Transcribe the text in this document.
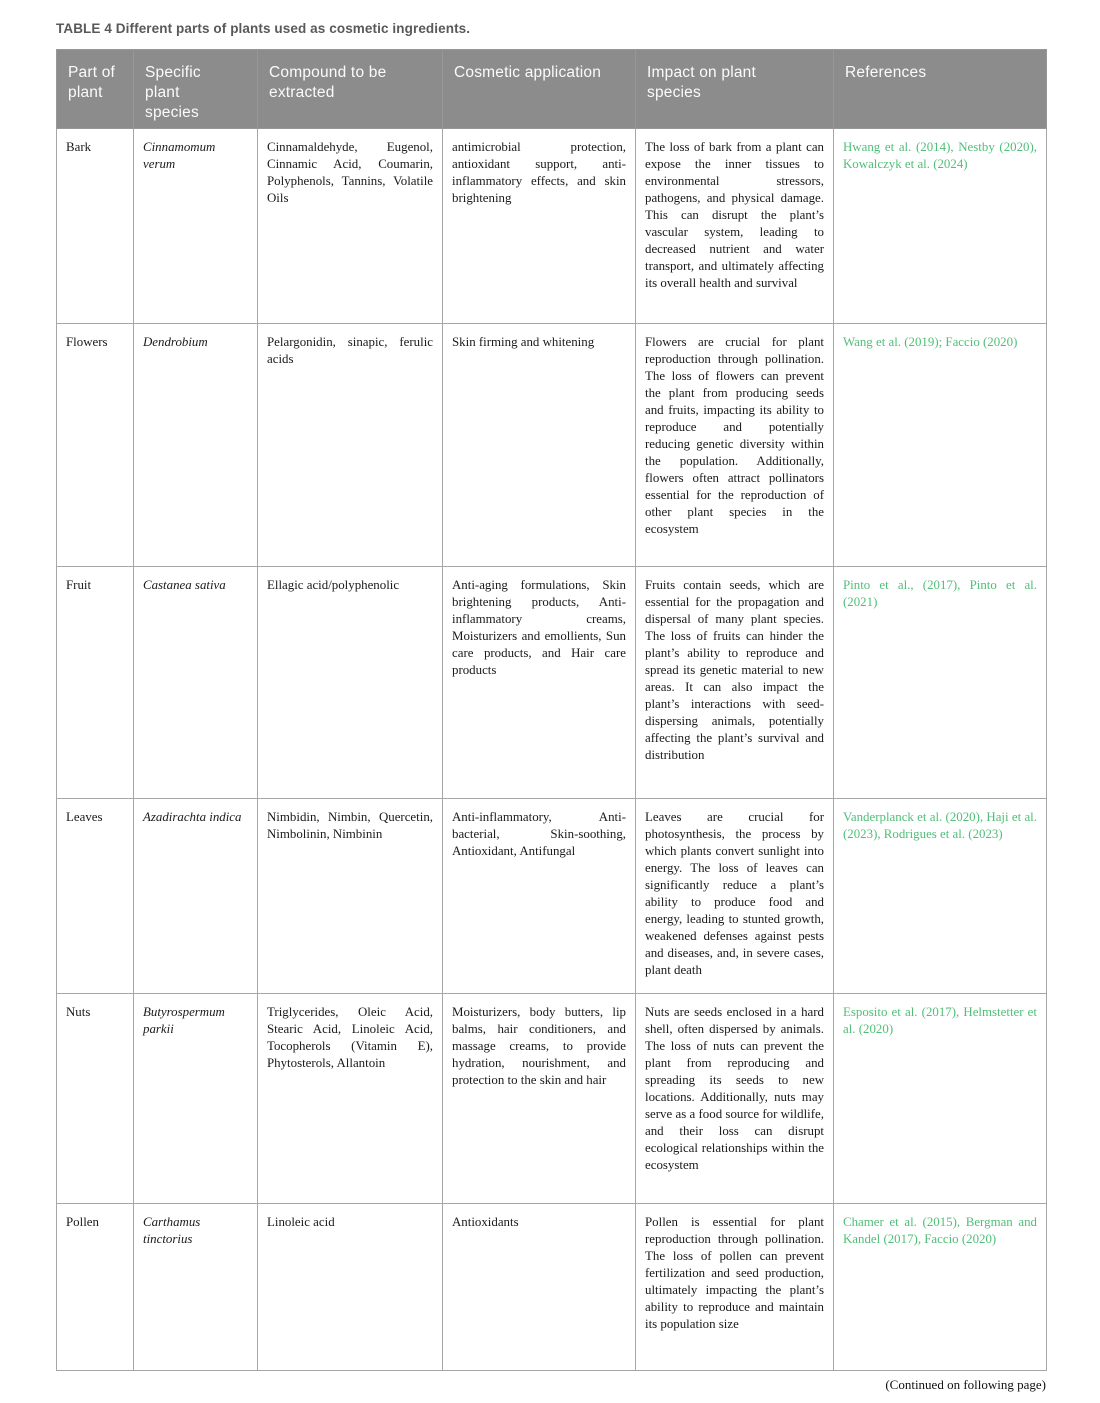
TABLE 4 Different parts of plants used as cosmetic ingredients.

Part of plant	Specific plant species	Compound to be extracted	Cosmetic application	Impact on plant species	References

Bark	Cinnamomum verum	Cinnamaldehyde, Eugenol, Cinnamic Acid, Coumarin, Polyphenols, Tannins, Volatile Oils	antimicrobial protection, antioxidant support, anti-inflammatory effects, and skin brightening	The loss of bark from a plant can expose the inner tissues to environmental stressors, pathogens, and physical damage. This can disrupt the plant’s vascular system, leading to decreased nutrient and water transport, and ultimately affecting its overall health and survival	Hwang et al. (2014), Nestby (2020), Kowalczyk et al. (2024)
Flowers	Dendrobium	Pelargonidin, sinapic, ferulic acids	Skin firming and whitening	Flowers are crucial for plant reproduction through pollination. The loss of flowers can prevent the plant from producing seeds and fruits, impacting its ability to reproduce and potentially reducing genetic diversity within the population. Additionally, flowers often attract pollinators essential for the reproduction of other plant species in the ecosystem	Wang et al. (2019); Faccio (2020)
Fruit	Castanea sativa	Ellagic acid/polyphenolic	Anti-aging formulations, Skin brightening products, Anti-inflammatory creams, Moisturizers and emollients, Sun care products, and Hair care products	Fruits contain seeds, which are essential for the propagation and dispersal of many plant species. The loss of fruits can hinder the plant’s ability to reproduce and spread its genetic material to new areas. It can also impact the plant’s interactions with seed-dispersing animals, potentially affecting the plant’s survival and distribution	Pinto et al., (2017), Pinto et al. (2021)
Leaves	Azadirachta indica	Nimbidin, Nimbin, Quercetin, Nimbolinin, Nimbinin	Anti-inflammatory, Anti-bacterial, Skin-soothing, Antioxidant, Antifungal	Leaves are crucial for photosynthesis, the process by which plants convert sunlight into energy. The loss of leaves can significantly reduce a plant’s ability to produce food and energy, leading to stunted growth, weakened defenses against pests and diseases, and, in severe cases, plant death	Vanderplanck et al. (2020), Haji et al. (2023), Rodrigues et al. (2023)
Nuts	Butyrospermum parkii	Triglycerides, Oleic Acid, Stearic Acid, Linoleic Acid, Tocopherols (Vitamin E), Phytosterols, Allantoin	Moisturizers, body butters, lip balms, hair conditioners, and massage creams, to provide hydration, nourishment, and protection to the skin and hair	Nuts are seeds enclosed in a hard shell, often dispersed by animals. The loss of nuts can prevent the plant from reproducing and spreading its seeds to new locations. Additionally, nuts may serve as a food source for wildlife, and their loss can disrupt ecological relationships within the ecosystem	Esposito et al. (2017), Helmstetter et al. (2020)
Pollen	Carthamus tinctorius	Linoleic acid	Antioxidants	Pollen is essential for plant reproduction through pollination. The loss of pollen can prevent fertilization and seed production, ultimately impacting the plant’s ability to reproduce and maintain its population size	Chamer et al. (2015), Bergman and Kandel (2017), Faccio (2020)
(Continued on following page)
